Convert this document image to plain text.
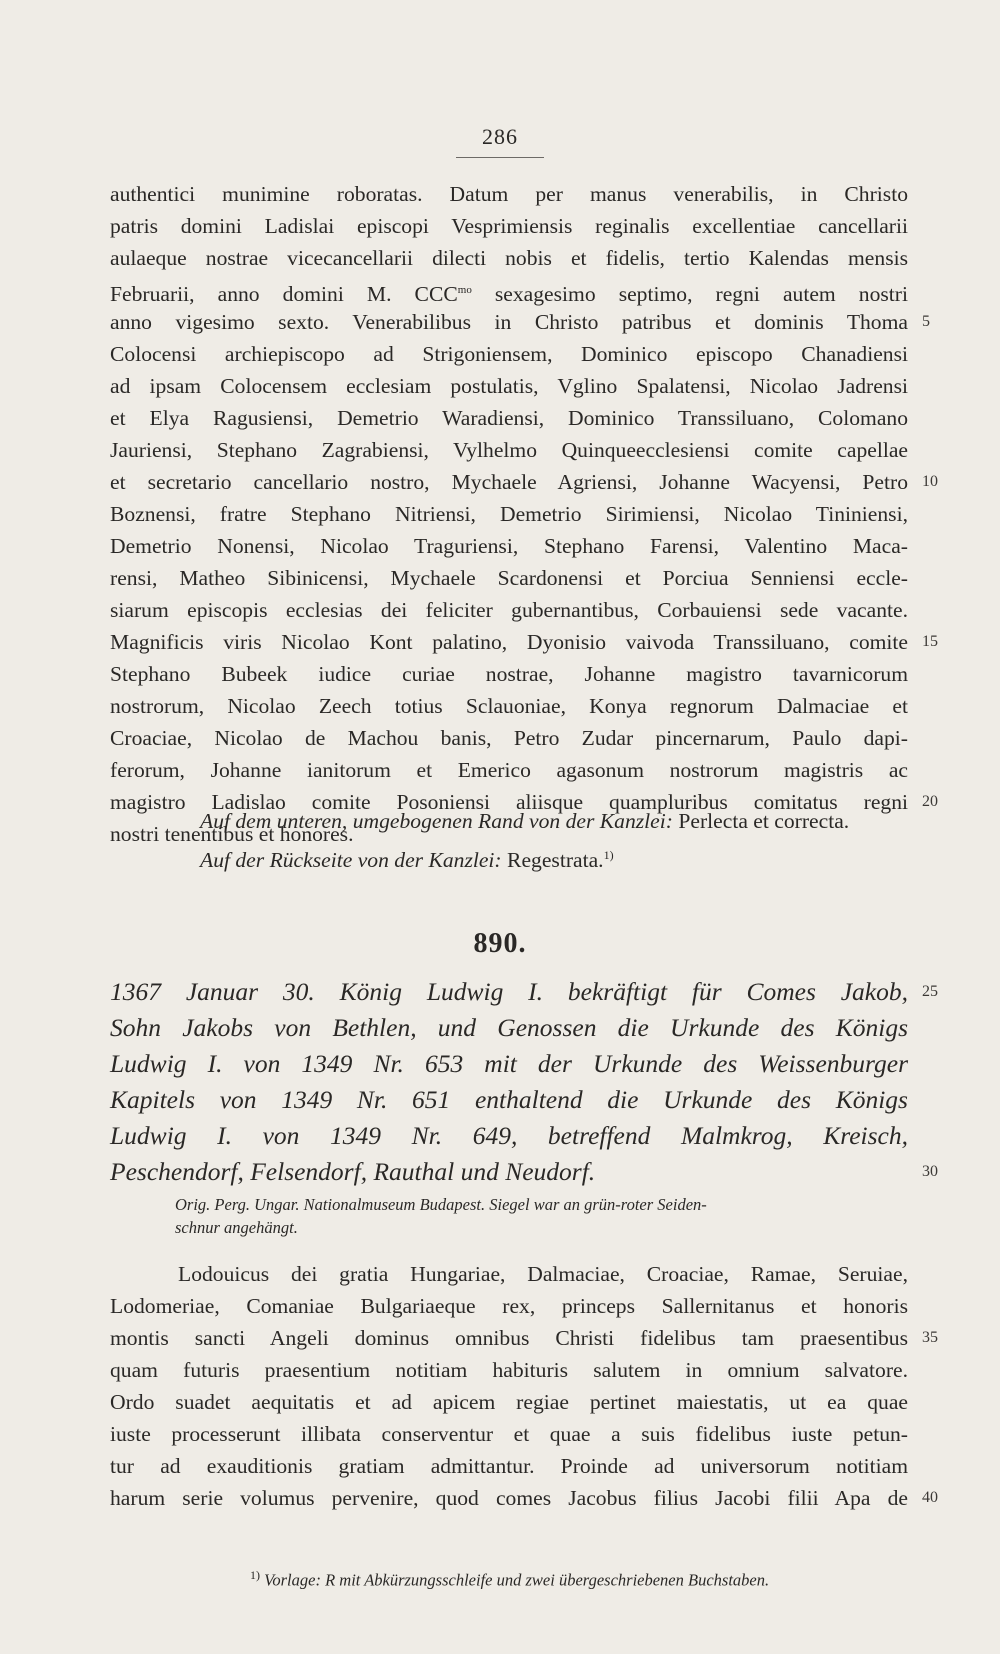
286
authentici munimine roboratas. Datum per manus venerabilis, in Christo
patris domini Ladislai episcopi Vesprimiensis reginalis excellentiae cancellarii
aulaeque nostrae vicecancellarii dilecti nobis et fidelis, tertio Kalendas mensis
Februarii, anno domini M. $CCC^{mo}$ sexagesimo septimo, regni autem nostri
anno vigesimo sexto. Venerabilibus in Christo patribus et dominis Thoma 5
Colocensi archiepiscopo ad Strigoniensem, Dominico episcopo Chanadiensi
ad ipsam Colocensem ecclesiam postulatis, Vglino Spalatensi, Nicolao Jadrensi
et Elya Ragusiensi, Demetrio Waradiensi, Dominico Transsiluano, Colomano
Jauriensi, Stephano Zagrabiensi, Vylhelmo Quinqueecclesiensi comite capellae
et secretario cancellario nostro, Mychaele Agriensi, Johanne Wacyensi, Petro 10
Boznensi, fratre Stephano Nitriensi, Demetrio Sirimiensi, Nicolao Tininiensi,
Demetrio Nonensi, Nicolao Traguriensi, Stephano Farensi, Valentino Maca-
rensi, Matheo Sibinicensi, Mychaele Scardonensi et Porciua Senniensi eccle-
siarum episcopis ecclesias dei feliciter gubernantibus, Corbauiensi sede vacante.
Magnificis viris Nicolao Kont palatino, Dyonisio vaivoda Transsiluano, comite 15
Stephano Bubeek iudice curiae nostrae, Johanne magistro tavarnicorum
nostrorum, Nicolao Zeech totius Sclauoniae, Konya regnorum Dalmaciae et
Croaciae, Nicolao de Machou banis, Petro Zudar pincernarum, Paulo dapi-
ferorum, Johanne ianitorum et Emerico agasonum nostrorum magistris ac
magistro Ladislao comite Posoniensi aliisque quampluribus comitatus regni 20
nostri tenentibus et honores.
Auf dem unteren, umgebogenen Rand von der Kanzlei: Perlecta et correcta.
Auf der Rückseite von der Kanzlei: Regestrata.$^{1)}$
890.
1367 Januar 30. König Ludwig I. bekräftigt für Comes Jakob, 25
Sohn Jakobs von Bethlen, und Genossen die Urkunde des Königs
Ludwig I. von 1349 Nr. 653 mit der Urkunde des Weissenburger
Kapitels von 1349 Nr. 651 enthaltend die Urkunde des Königs
Ludwig I. von 1349 Nr. 649, betreffend Malmkrog, Kreisch,
Peschendorf, Felsendorf, Rauthal und Neudorf.	30
Orig. Perg. Ungar. Nationalmuseum Budapest. Siegel war an grün-roter Seiden-
schnur angehängt.
Lodouicus dei gratia Hungariae, Dalmaciae, Croaciae, Ramae, Seruiae,
Lodomeriae, Comaniae Bulgariaeque rex, princeps Sallernitanus et honoris
montis sancti Angeli dominus omnibus Christi fidelibus tam praesentibus 35
quam futuris praesentium notitiam habituris salutem in omnium salvatore.
Ordo suadet aequitatis et ad apicem regiae pertinet maiestatis, ut ea quae
iuste processerunt illibata conserventur et quae a suis fidelibus iuste petun-
tur ad exauditionis gratiam admittantur. Proinde ad universorum notitiam
harum serie volumus pervenire, quod comes Jacobus filius Jacobi filii Apa de 40
$^{1)}$ Vorlage: R mit Abkürzungsschleife und zwei übergeschriebenen Buchstaben.
